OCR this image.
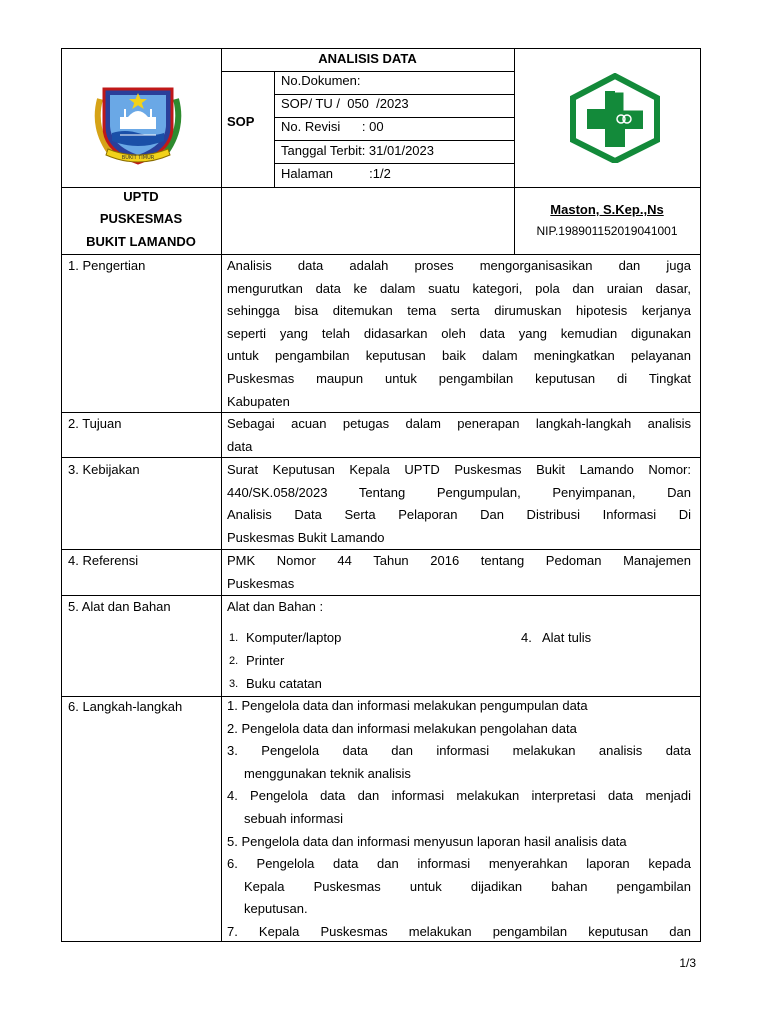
BUKIT TIMUR
ANALISIS DATA
SOP
No.Dokumen:
SOP/ TU /  050  /2023
No. Revisi      : 00
Tanggal Terbit: 31/01/2023
Halaman          :1/2
UPTD
PUSKESMAS
BUKIT LAMANDO
Maston, S.Kep.,Ns
NIP.198901152019041001
1. Pengertian
2. Tujuan
3. Kebijakan
4. Referensi
5. Alat dan Bahan
6. Langkah-langkah
Analisis data adalah proses mengorganisasikan dan juga
mengurutkan data ke dalam suatu kategori, pola dan uraian dasar,
sehingga bisa ditemukan tema serta dirumuskan hipotesis kerjanya
seperti yang telah didasarkan oleh data yang kemudian digunakan
untuk pengambilan keputusan baik dalam meningkatkan pelayanan
Puskesmas maupun untuk pengambilan keputusan di Tingkat
Kabupaten
Sebagai acuan petugas dalam penerapan langkah-langkah analisis
data
Surat Keputusan Kepala UPTD Puskesmas Bukit Lamando Nomor:
440/SK.058/2023 Tentang Pengumpulan, Penyimpanan, Dan
Analisis Data Serta Pelaporan Dan Distribusi Informasi Di
Puskesmas Bukit Lamando
PMK Nomor 44 Tahun 2016 tentang Pedoman Manajemen
Puskesmas
Alat dan Bahan :
1. Komputer/laptop
2. Printer
3. Buku catatan
4. Alat tulis
1. Pengelola data dan informasi melakukan pengumpulan data
2. Pengelola data dan informasi melakukan pengolahan data
3. Pengelola data dan informasi melakukan analisis data
menggunakan teknik analisis
4. Pengelola data dan informasi melakukan interpretasi data menjadi
sebuah informasi
5. Pengelola data dan informasi menyusun laporan hasil analisis data
6. Pengelola data dan informasi menyerahkan laporan kepada
Kepala Puskesmas untuk dijadikan bahan pengambilan
keputusan.
7. Kepala Puskesmas melakukan pengambilan keputusan dan
1/3
